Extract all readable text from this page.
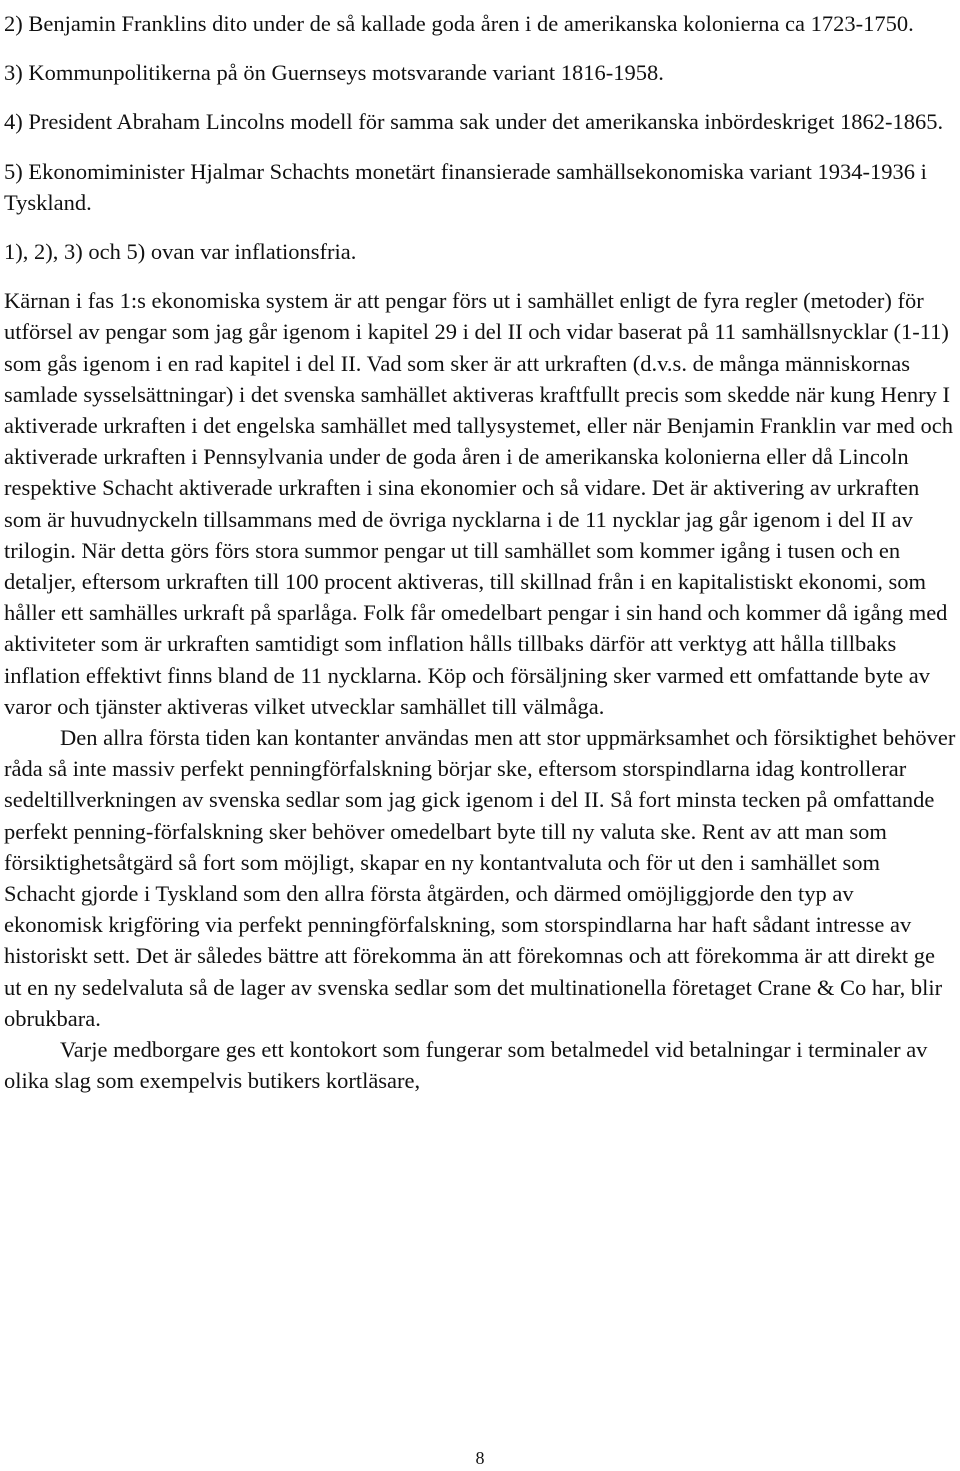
2) Benjamin Franklins dito under de så kallade goda åren i de amerikanska kolonierna ca 1723-1750.

3) Kommunpolitikerna på ön Guernseys motsvarande variant 1816-1958.

4) President Abraham Lincolns modell för samma sak under det amerikanska inbördeskriget 1862-1865.

5) Ekonomiminister Hjalmar Schachts monetärt finansierade samhällsekonomiska variant 1934-1936 i Tyskland.

1), 2), 3) och 5) ovan var inflationsfria.

Kärnan i fas 1:s ekonomiska system är att pengar förs ut i samhället enligt de fyra regler (metoder) för utförsel av pengar som jag går igenom i kapitel 29 i del II och vidar baserat på 11 samhällsnycklar (1-11) som gås igenom i en rad kapitel i del II. Vad som sker är att urkraften (d.v.s. de många människornas samlade sysselsättningar) i det svenska samhället aktiveras kraftfullt precis som skedde när kung Henry I aktiverade urkraften i det engelska samhället med tallysystemet, eller när Benjamin Franklin var med och aktiverade urkraften i Pennsylvania under de goda åren i de amerikanska kolonierna eller då Lincoln respektive Schacht aktiverade urkraften i sina ekonomier och så vidare. Det är aktivering av urkraften som är huvudnyckeln tillsammans med de övriga nycklarna i de 11 nycklar jag går igenom i del II av trilogin. När detta görs förs stora summor pengar ut till samhället som kommer igång i tusen och en detaljer, eftersom urkraften till 100 procent aktiveras, till skillnad från i en kapitalistiskt ekonomi, som håller ett samhälles urkraft på sparlåga. Folk får omedelbart pengar i sin hand och kommer då igång med aktiviteter som är urkraften samtidigt som inflation hålls tillbaks därför att verktyg att hålla tillbaks inflation effektivt finns bland de 11 nycklarna. Köp och försäljning sker varmed ett omfattande byte av varor och tjänster aktiveras vilket utvecklar samhället till välmåga.

Den allra första tiden kan kontanter användas men att stor uppmärksamhet och försiktighet behöver råda så inte massiv perfekt penningförfalskning börjar ske, eftersom storspindlarna idag kontrollerar sedeltillverkningen av svenska sedlar som jag gick igenom i del II. Så fort minsta tecken på omfattande perfekt penning-förfalskning sker behöver omedelbart byte till ny valuta ske. Rent av att man som försiktighetsåtgärd så fort som möjligt, skapar en ny kontantvaluta och för ut den i samhället som Schacht gjorde i Tyskland som den allra första åtgärden, och därmed omöjliggjorde den typ av ekonomisk krigföring via perfekt penningförfalskning, som storspindlarna har haft sådant intresse av historiskt sett. Det är således bättre att förekomma än att förekomnas och att förekomma är att direkt ge ut en ny sedelvaluta så de lager av svenska sedlar som det multinationella företaget Crane & Co har, blir obrukbara.

Varje medborgare ges ett kontokort som fungerar som betalmedel vid betalningar i terminaler av olika slag som exempelvis butikers kortläsare,

8
